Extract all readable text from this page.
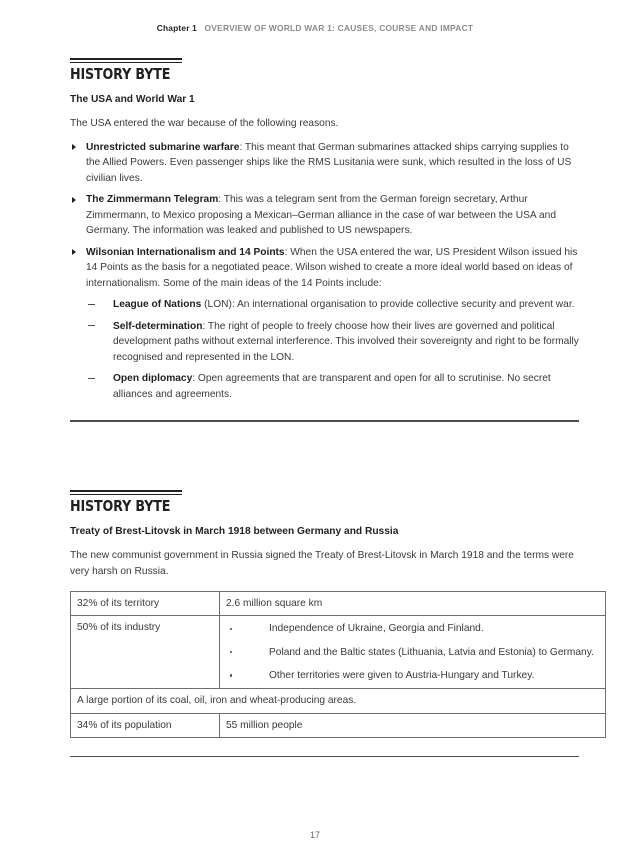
Chapter 1 OVERVIEW OF WORLD WAR 1: CAUSES, COURSE AND IMPACT
HISTORY BYTE
The USA and World War 1

The USA entered the war because of the following reasons.

Unrestricted submarine warfare: This meant that German submarines attacked ships carrying supplies to the Allied Powers. Even passenger ships like the RMS Lusitania were sunk, which resulted in the loss of US civilian lives.
The Zimmermann Telegram: This was a telegram sent from the German foreign secretary, Arthur Zimmermann, to Mexico proposing a Mexican–German alliance in the case of war between the USA and Germany. The information was leaked and published to US newspapers.
Wilsonian Internationalism and 14 Points: When the USA entered the war, US President Wilson issued his 14 Points as the basis for a negotiated peace. Wilson wished to create a more ideal world based on ideas of internationalism. Some of the main ideas of the 14 Points include:
League of Nations (LON): An international organisation to provide collective security and prevent war.
Self-determination: The right of people to freely choose how their lives are governed and political development paths without external interference. This involved their sovereignty and right to be formally recognised and represented in the LON.
Open diplomacy: Open agreements that are transparent and open for all to scrutinise. No secret alliances and agreements.
HISTORY BYTE
Treaty of Brest-Litovsk in March 1918 between Germany and Russia

The new communist government in Russia signed the Treaty of Brest-Litovsk in March 1918 and the terms were very harsh on Russia.

32% of its territory	2.6 million square km
50% of its industry	Independence of Ukraine, Georgia and Finland.
Poland and the Baltic states (Lithuania, Latvia and Estonia) to Germany.
Other territories were given to Austria-Hungary and Turkey.

A large portion of its coal, oil, iron and wheat-producing areas.	
34% of its population	55 million people
17
